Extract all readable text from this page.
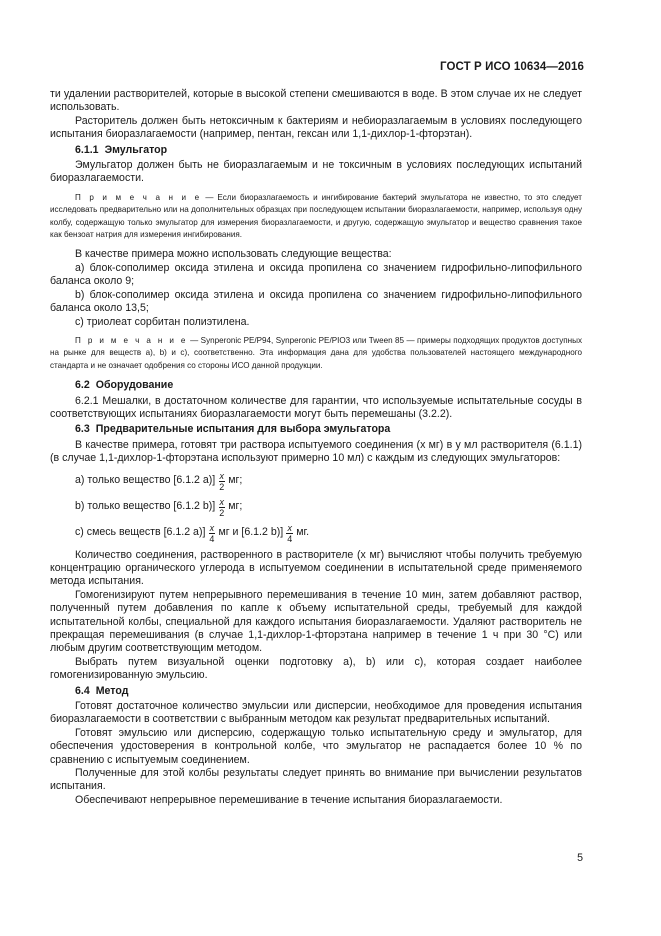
ГОСТ Р ИСО 10634—2016

ти удалении растворителей, которые в высокой степени смешиваются в воде. В этом случае их не следует использовать.

Растоpитель должен быть нетоксичным к бактериям и небиоразлагаемым в условиях последующего испытания биоразлагаемости (например, пентан, гексан или 1,1-дихлор-1-фторэтан).

6.1.1 Эмульгатор

Эмульгатор должен быть не биоразлагаемым и не токсичным в условиях последующих испытаний биоразлагаемости.

П р и м е ч а н и е — Если биоразлагаемость и ингибирование бактерий эмульгатора не известно, то это следует исследовать предварительно или на дополнительных образцах при последующем испытании биоразлагаемости, например, используя одну колбу, содержащую только эмульгатор для измерения биоразлагаемости, и другую, содержащую эмульгатор и вещество сравнения такое как бензоат натрия для измерения ингибирования.

В качестве примера можно использовать следующие вещества:

а) блок-сополимер оксида этилена и оксида пропилена со значением гидрофильно-липофильного баланса около 9;

b) блок-сополимер оксида этилена и оксида пропилена со значением гидрофильно-липофильного баланса около 13,5;

с) триолеат сорбитан полиэтилена.

П р и м е ч а н и е — Synperonic PE/P94, Synperonic PE/PIO3 или Tween 85 — примеры подходящих продуктов доступных на рынке для веществ а), b) и с), соответственно. Эта информация дана для удобства пользователей настоящего международного стандарта и не означает одобрения со стороны ИСО данной продукции.

6.2 Оборудование

6.2.1 Мешалки, в достаточном количестве для гарантии, что используемые испытательные сосуды в соответствующих испытаниях биоразлагаемости могут быть перемешаны (3.2.2).

6.3 Предварительные испытания для выбора эмульгатора

В качестве примера, готовят три раствора испытуемого соединения (х мг) в у мл растворителя (6.1.1) (в случае 1,1-дихлор-1-фторэтана используют примерно 10 мл) с каждым из следующих эмульгаторов:

а) только вещество [6.1.2 $а)] \frac{x}{2}$ мг;
b) только вещество [6.1.2 $b)] \frac{x}{2}$ мг;
с) смесь веществ [6.1.2 $а)] \frac{x}{4}$ мг и [6.1.2 $b)] \frac{x}{4}$ мг.

Количество соединения, растворенного в растворителе (х мг) вычисляют чтобы получить требуемую концентрацию органического углерода в испытуемом соединении в испытательной среде применяемого метода испытания.

Гомогенизируют путем непрерывного перемешивания в течение 10 мин, затем добавляют раствор, полученный путем добавления по капле к объему испытательной среды, требуемый для каждой испытательной колбы, специальной для каждого испытания биоразлагаемости. Удаляют растворитель не прекращая перемешивания (в случае 1,1-дихлор-1-фторэтана например в течение 1 ч при 30 °С) или любым другим соответствующим методом.

Выбрать путем визуальной оценки подготовку а), b) или с), которая создает наиболее гомогенизированную эмульсию.

6.4 Метод

Готовят достаточное количество эмульсии или дисперсии, необходимое для проведения испытания биоразлагаемости в соответствии с выбранным методом как результат предварительных испытаний.

Готовят эмульсию или дисперсию, содержащую только испытательную среду и эмульгатор, для обеспечения удостоверения в контрольной колбе, что эмульгатор не распадается более 10 % по сравнению с испытуемым соединением.

Полученные для этой колбы результаты следует принять во внимание при вычислении результатов испытания.

Обеспечивают непрерывное перемешивание в течение испытания биоразлагаемости.

5
